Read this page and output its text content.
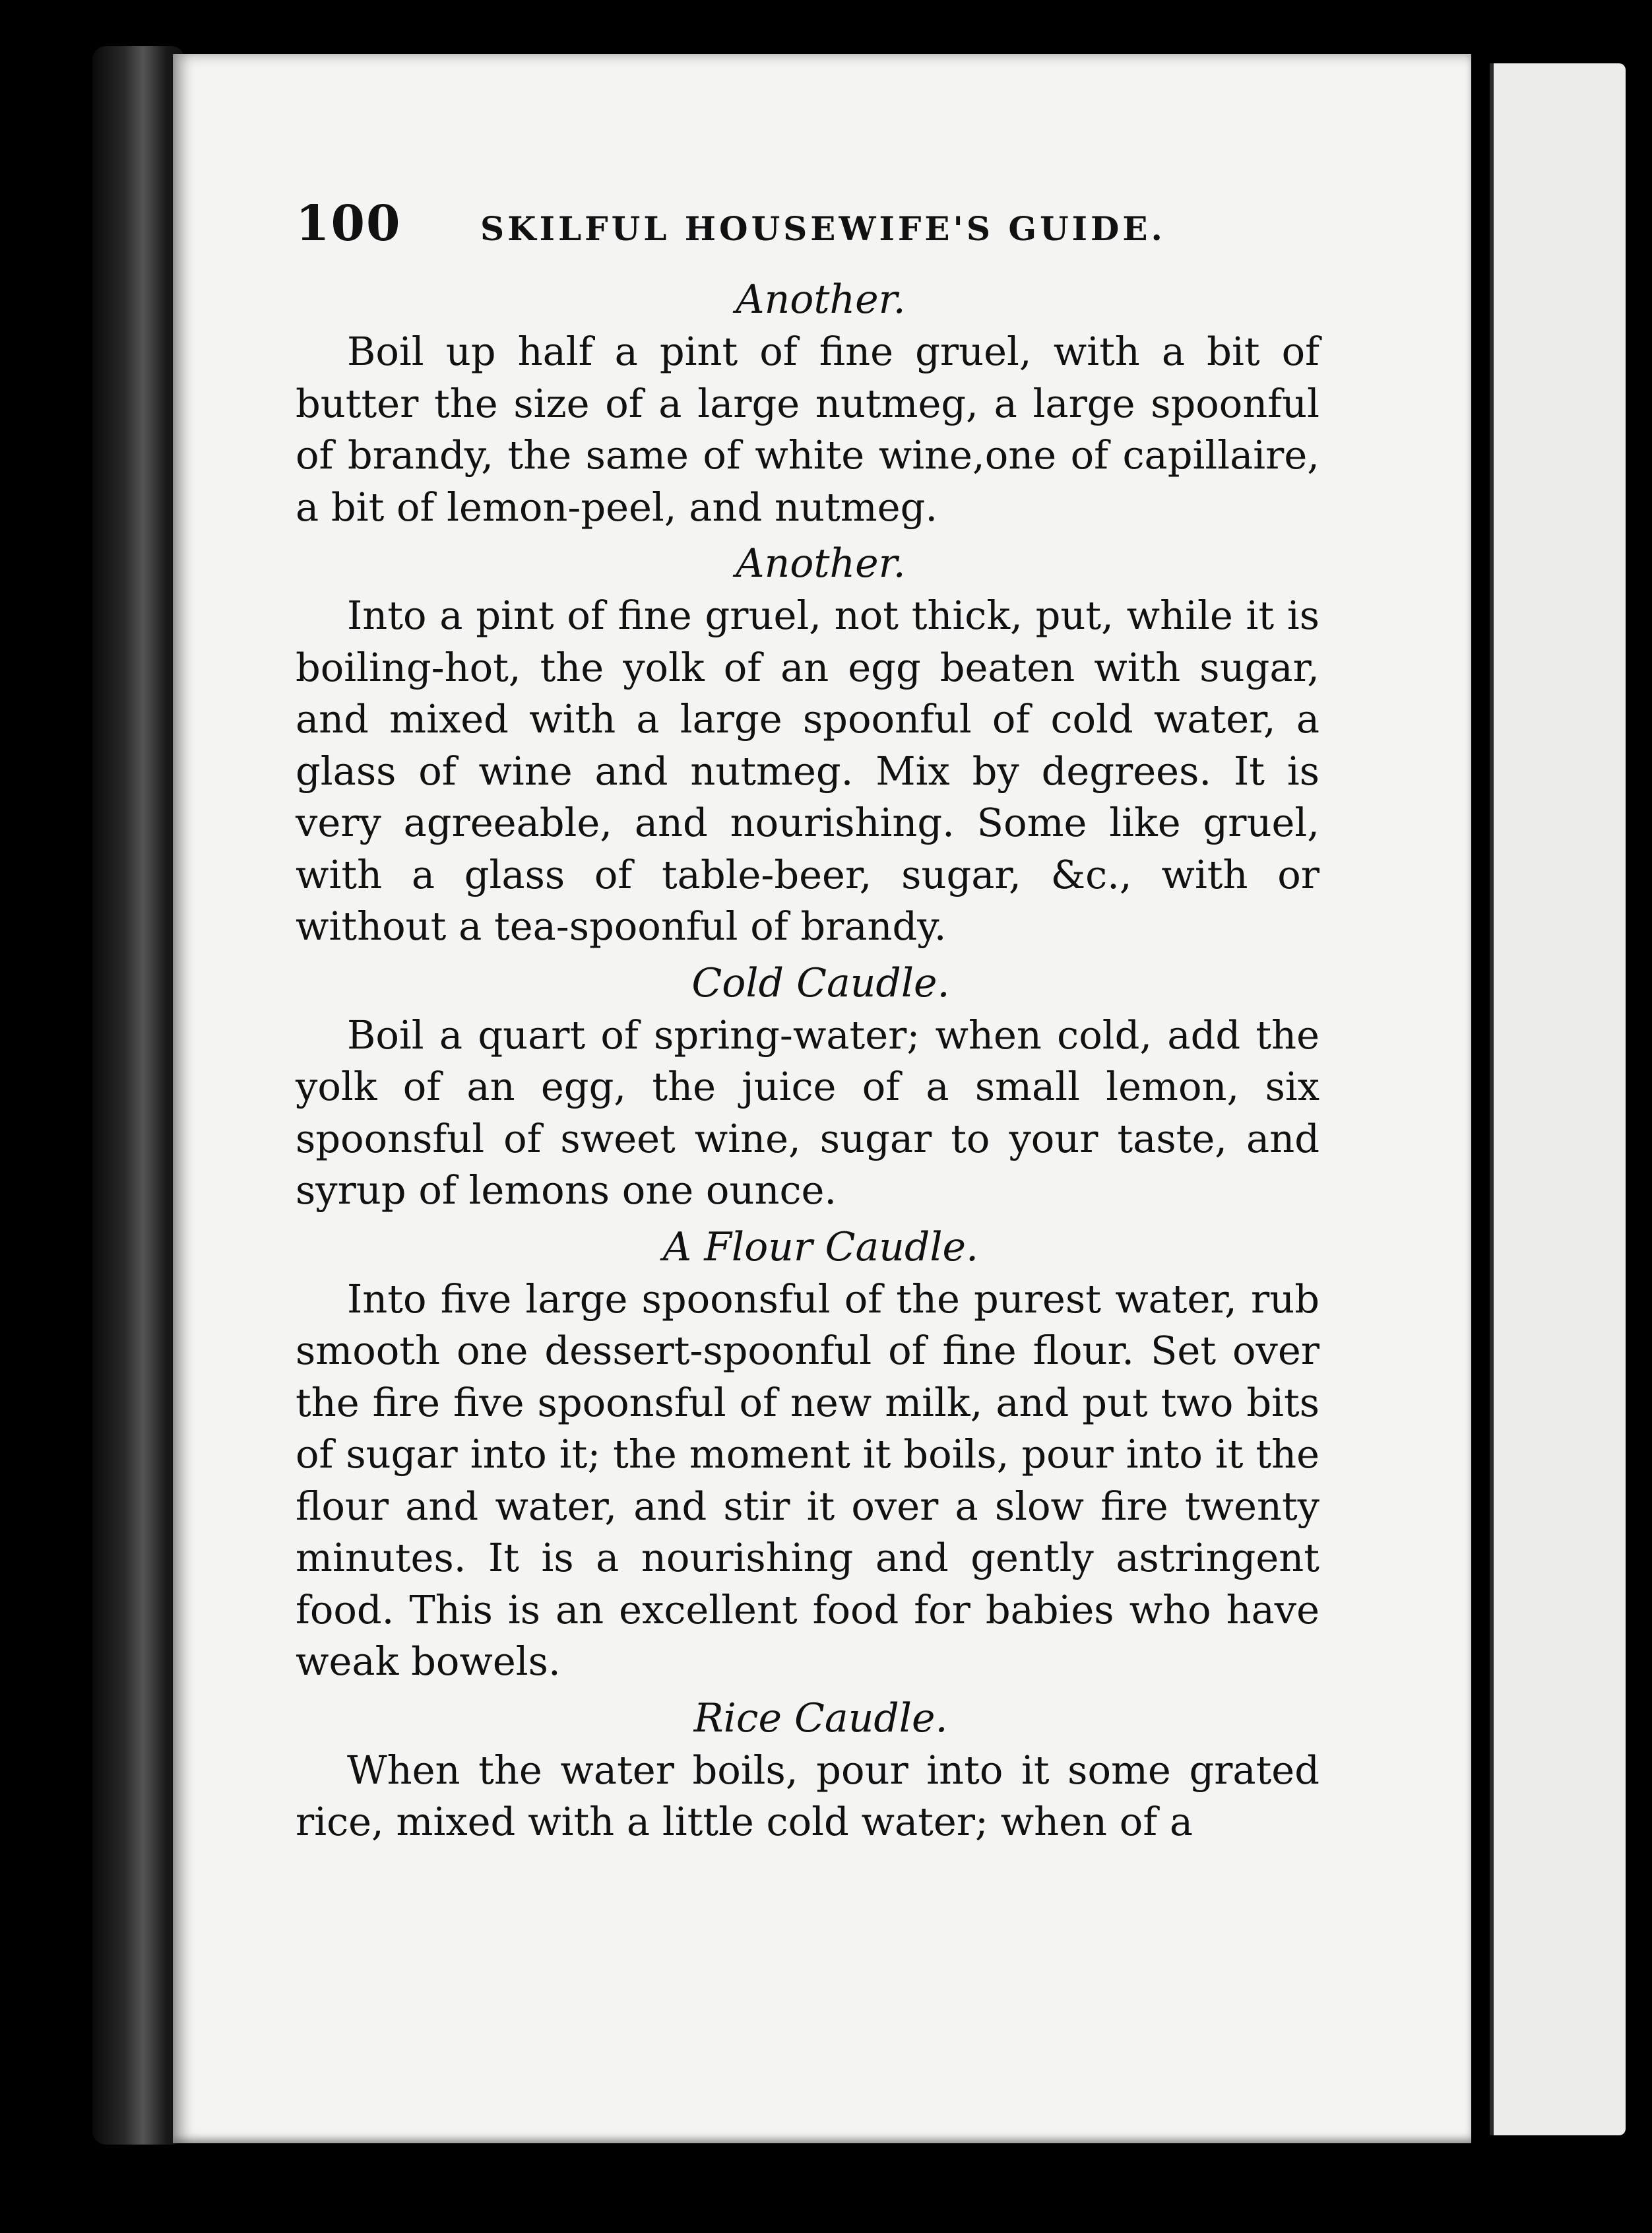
100	SKILFUL HOUSEWIFE'S GUIDE.

Another.

Boil up half a pint of fine gruel, with a bit of butter the size of a large nutmeg, a large spoonful of brandy, the same of white wine,one of capillaire, a bit of lemon-peel, and nutmeg.

Another.

Into a pint of fine gruel, not thick, put, while it is boiling-hot, the yolk of an egg beaten with sugar, and mixed with a large spoonful of cold water, a glass of wine and nutmeg. Mix by degrees. It is very agreeable, and nourishing. Some like gruel, with a glass of table-beer, sugar, &c., with or without a tea-spoonful of brandy.

Cold Caudle.

Boil a quart of spring-water; when cold, add the yolk of an egg, the juice of a small lemon, six spoonsful of sweet wine, sugar to your taste, and syrup of lemons one ounce.

A Flour Caudle.

Into five large spoonsful of the purest water, rub smooth one dessert-spoonful of fine flour. Set over the fire five spoonsful of new milk, and put two bits of sugar into it; the moment it boils, pour into it the flour and water, and stir it over a slow fire twenty minutes. It is a nourishing and gently astringent food. This is an excellent food for babies who have weak bowels.

Rice Caudle.

When the water boils, pour into it some grated rice, mixed with a little cold water; when of a
